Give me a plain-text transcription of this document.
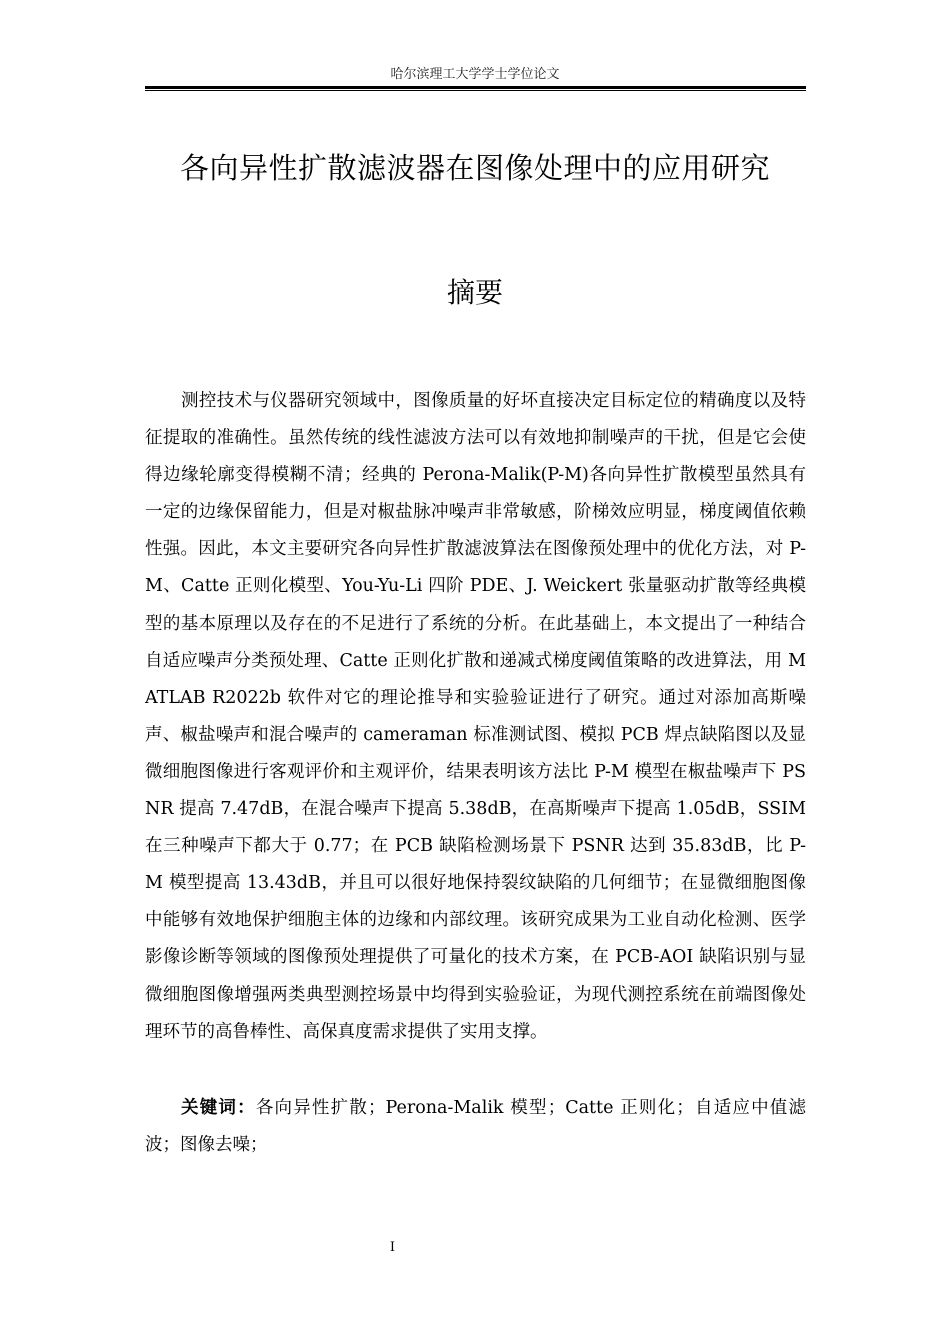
哈尔滨理工大学学士学位论文
各向异性扩散滤波器在图像处理中的应用研究
摘要

测控技术与仪器研究领域中，图像质量的好坏直接决定目标定位的精确度以及特征提取的准确性。虽然传统的线性滤波方法可以有效地抑制噪声的干扰，但是它会使得边缘轮廓变得模糊不清；经典的 Perona-Malik(P-M)各向异性扩散模型虽然具有一定的边缘保留能力，但是对椒盐脉冲噪声非常敏感，阶梯效应明显，梯度阈值依赖性强。因此，本文主要研究各向异性扩散滤波算法在图像预处理中的优化方法，对 P-M、Catte 正则化模型、You-Yu-Li 四阶 PDE、J. Weickert 张量驱动扩散等经典模型的基本原理以及存在的不足进行了系统的分析。在此基础上，本文提出了一种结合自适应噪声分类预处理、Catte 正则化扩散和递减式梯度阈值策略的改进算法，用 MATLAB R2022b 软件对它的理论推导和实验验证进行了研究。通过对添加高斯噪声、椒盐噪声和混合噪声的 cameraman 标准测试图、模拟 PCB 焊点缺陷图以及显微细胞图像进行客观评价和主观评价，结果表明该方法比 P-M 模型在椒盐噪声下 PSNR 提高 7.47dB，在混合噪声下提高 5.38dB，在高斯噪声下提高 1.05dB，SSIM 在三种噪声下都大于 0.77；在 PCB 缺陷检测场景下 PSNR 达到 35.83dB，比 P-M 模型提高 13.43dB，并且可以很好地保持裂纹缺陷的几何细节；在显微细胞图像中能够有效地保护细胞主体的边缘和内部纹理。该研究成果为工业自动化检测、医学影像诊断等领域的图像预处理提供了可量化的技术方案，在 PCB-AOI 缺陷识别与显微细胞图像增强两类典型测控场景中均得到实验验证，为现代测控系统在前端图像处理环节的高鲁棒性、高保真度需求提供了实用支撑。

关键词：各向异性扩散；Perona-Malik 模型；Catte 正则化；自适应中值滤波；图像去噪；

I
